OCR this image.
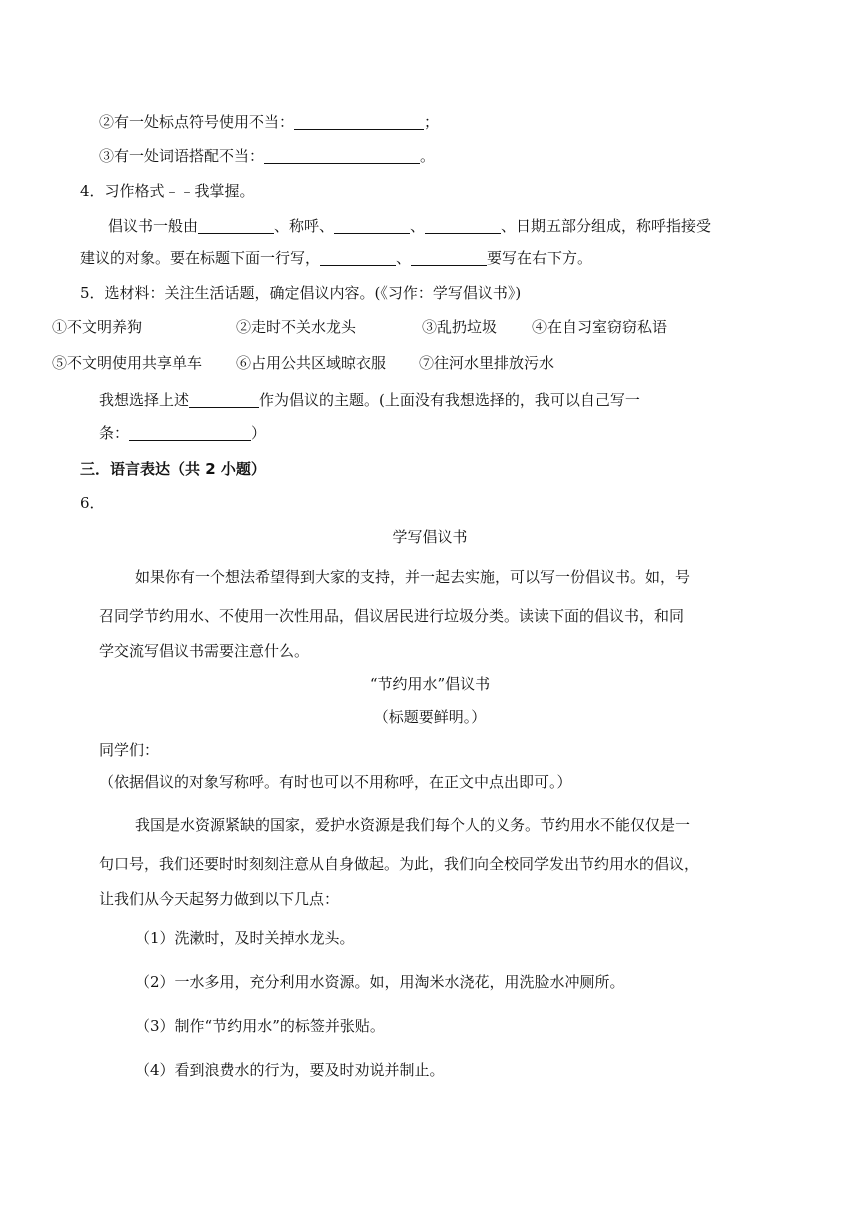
②有一处标点符号使用不当：	；
③有一处词语搭配不当：	。
4．习作格式﹣﹣我掌握。
倡议书一般由	、称呼、	、	、日期五部分组成，称呼指接受
建议的对象。要在标题下面一行写，	、	要写在右下方。
5．选材料：关注生活话题，确定倡议内容。(《习作：学写倡议书》)
①不文明养狗	②走时不关水龙头	③乱扔垃圾 ④在自习室窃窃私语
⑤不文明使用共享单车 ⑥占用公共区域晾衣服 ⑦往河水里排放污水
我想选择上述	作为倡议的主题。(上面没有我想选择的，我可以自己写一
条：	）
三．语言表达（共 2 小题）
6．
学写倡议书
如果你有一个想法希望得到大家的支持，并一起去实施，可以写一份倡议书。如，号
召同学节约用水、不使用一次性用品，倡议居民进行垃圾分类。读读下面的倡议书，和同
学交流写倡议书需要注意什么。
“节约用水”倡议书
（标题要鲜明。）
同学们：
（依据倡议的对象写称呼。有时也可以不用称呼，在正文中点出即可。）
我国是水资源紧缺的国家，爱护水资源是我们每个人的义务。节约用水不能仅仅是一
句口号，我们还要时时刻刻注意从自身做起。为此，我们向全校同学发出节约用水的倡议，
让我们从今天起努力做到以下几点：
（1）洗漱时，及时关掉水龙头。
（2）一水多用，充分利用水资源。如，用淘米水浇花，用洗脸水冲厕所。
（3）制作“节约用水”的标签并张贴。
（4）看到浪费水的行为，要及时劝说并制止。
